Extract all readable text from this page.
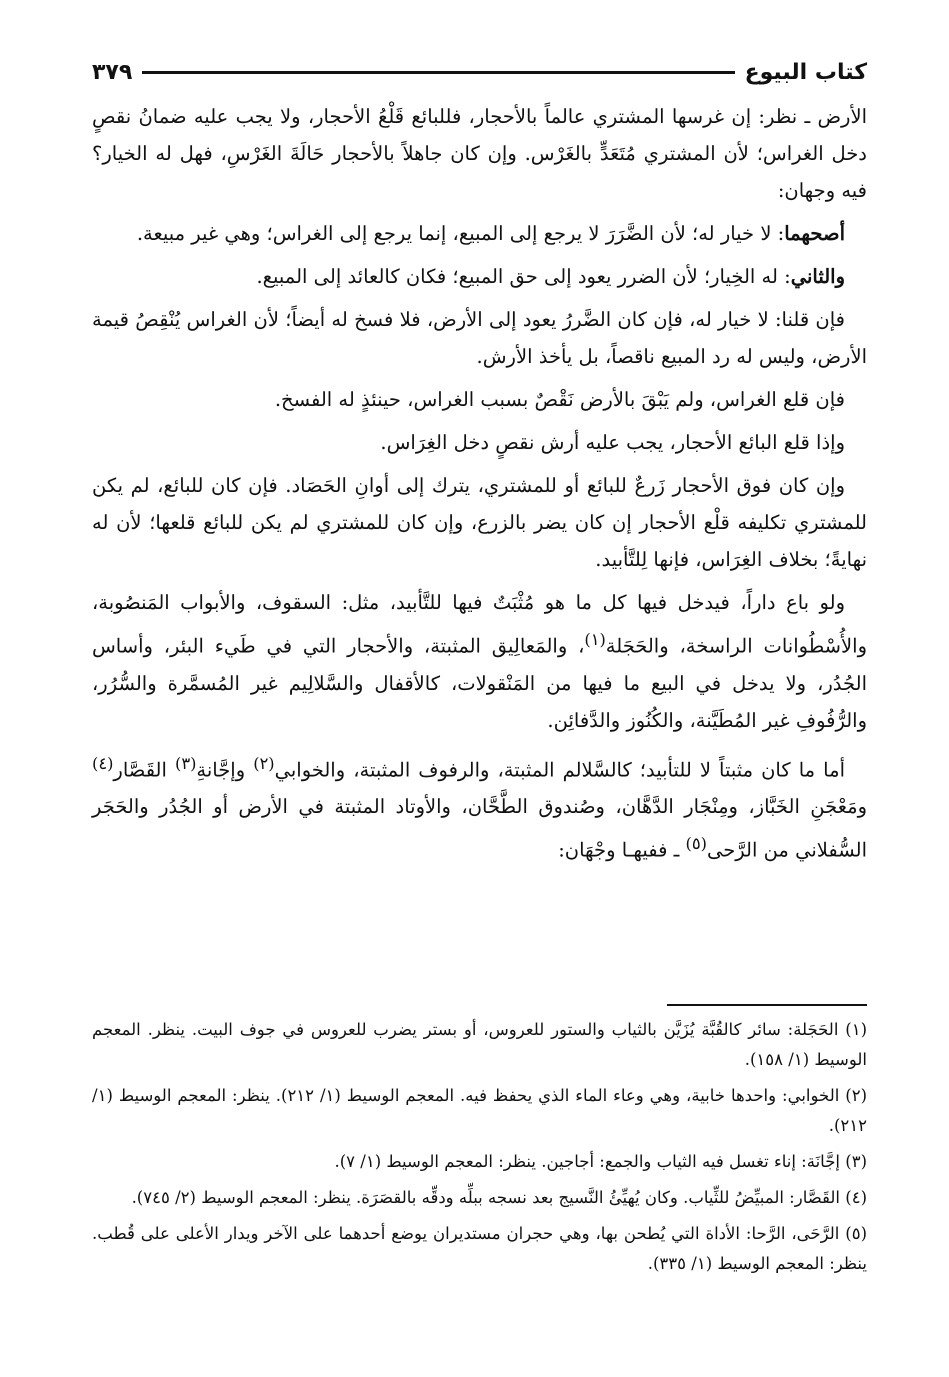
كتاب البيوع
٣٧٩

الأرض ـ نظر: إن غرسها المشتري عالماً بالأحجار، فللبائع قَلْعُ الأحجار، ولا يجب عليه ضمانُ نقصٍ دخل الغراس؛ لأن المشتري مُتَعَدٍّ بالغَرْس. وإن كان جاهلاً بالأحجار حَالَةَ الغَرْسِ، فهل له الخيار؟ فيه وجهان:

أصحهما: لا خيار له؛ لأن الضَّرَرَ لا يرجع إلى المبيع، إنما يرجع إلى الغراس؛ وهي غير مبيعة.

والثاني: له الخِيار؛ لأن الضرر يعود إلى حق المبيع؛ فكان كالعائد إلى المبيع.

فإن قلنا: لا خيار له، فإن كان الضَّررُ يعود إلى الأرض، فلا فسخ له أيضاً؛ لأن الغراس يُنْقِصُ قيمة الأرض، وليس له رد المبيع ناقصاً، بل يأخذ الأرش.

فإن قلع الغراس، ولم يَبْقَ بالأرض نَقْصٌ بسبب الغراس، حينئذٍ له الفسخ.

وإذا قلع البائع الأحجار، يجب عليه أرش نقصٍ دخل الغِرَاس.

وإن كان فوق الأحجار زَرعٌ للبائع أو للمشتري، يترك إلى أوانِ الحَصَاد. فإن كان للبائع، لم يكن للمشتري تكليفه قلْع الأحجار إن كان يضر بالزرع، وإن كان للمشتري لم يكن للبائع قلعها؛ لأن له نهايةً؛ بخلاف الغِرَاس، فإنها لِلتَّأبيد.

ولو باع داراً، فيدخل فيها كل ما هو مُثْبَتٌ فيها للتَّأبيد، مثل: السقوف، والأبواب المَنصُوبة، والأُسْطُوانات الراسخة، والحَجَلة$^{(١)}$، والمَعالِيق المثبتة، والأحجار التي في طَيء البئر، وأساس الجُدُر، ولا يدخل في البيع ما فيها من المَنْقولات، كالأقفال والسَّلالِيم غير المُسمَّرة والسُّرُر، والرُّفُوفِ غير المُطَيَّنة، والكُنُوز والدَّفائِن.

أما ما كان مثبتاً لا للتأبيد؛ كالسَّلالم المثبتة، والرفوف المثبتة، والخوابي$^{(٢)}$ وإجَّانةِ$^{(٣)}$ القَصَّار$^{(٤)}$ ومَعْجَنِ الخَبَّاز، ومِنْجَار الدَّهَّان، وصُندوق الطَّحَّان، والأوتاد المثبتة في الأرض أو الجُدُر والحَجَر السُّفلاني من الرَّحى$^{(٥)}$ ـ ففيهـا وجْهَان:

(١) الحَجَلة: سائر كالقُبَّة يُزَيَّن بالثياب والستور للعروس، أو بستر يضرب للعروس في جوف البيت. ينظر. المعجم الوسيط (١/ ١٥٨).

(٢) الخوابي: واحدها خابية، وهي وعاء الماء الذي يحفظ فيه. المعجم الوسيط (١/ ٢١٢). ينظر: المعجم الوسيط (١/ ٢١٢).

(٣) إجَّانَة: إناء تغسل فيه الثياب والجمع: أجاجين. ينظر: المعجم الوسيط (١/ ٧).

(٤) القَصَّار: المبيِّضُ للثِّياب. وكان يُهيِّئُ النَّسيج بعد نسجه ببلِّه ودقِّه بالقصَرَة. ينظر: المعجم الوسيط (٢/ ٧٤٥).

(٥) الرَّحَى، الرَّحا: الأداة التي يُطحن بها، وهي حجران مستديران يوضع أحدهما على الآخر ويدار الأعلى على قُطب. ينظر: المعجم الوسيط (١/ ٣٣٥).
